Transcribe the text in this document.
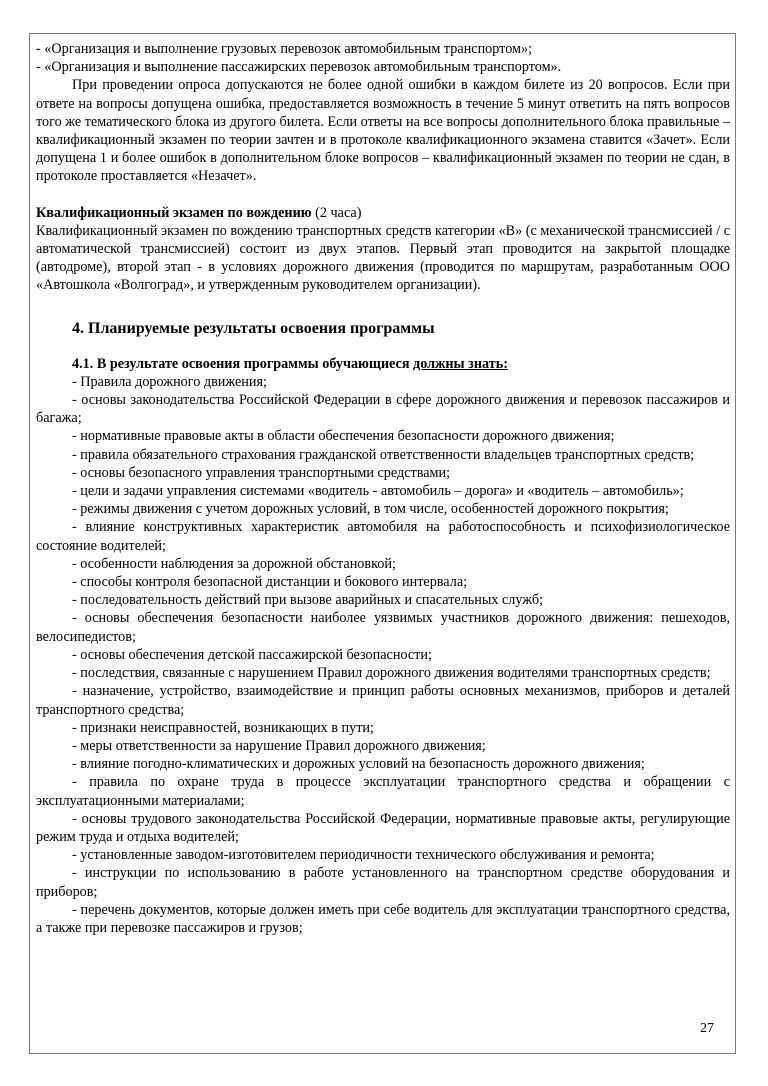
- «Организация и выполнение грузовых перевозок автомобильным транспортом»;

- «Организация и выполнение пассажирских перевозок автомобильным транспортом».

При проведении опроса допускаются не более одной ошибки в каждом билете из 20 вопросов. Если при ответе на вопросы допущена ошибка, предоставляется возможность в течение 5 минут ответить на пять вопросов того же тематического блока из другого билета. Если ответы на все вопросы дополнительного блока правильные – квалификационный экзамен по теории зачтен и в протоколе квалификационного экзамена ставится «Зачет». Если допущена 1 и более ошибок в дополнительном блоке вопросов – квалификационный экзамен по теории не сдан, в протоколе проставляется «Незачет».

Квалификационный экзамен по вождению (2 часа)

Квалификационный экзамен по вождению транспортных средств категории «В» (с механической трансмиссией / с автоматической трансмиссией) состоит из двух этапов. Первый этап проводится на закрытой площадке (автодроме), второй этап - в условиях дорожного движения (проводится по маршрутам, разработанным ООО «Автошкола «Волгоград», и утвержденным руководителем организации).

4. Планируемые результаты освоения программы

4.1. В результате освоения программы обучающиеся должны знать:

- Правила дорожного движения;

- основы законодательства Российской Федерации в сфере дорожного движения и перевозок пассажиров и багажа;

- нормативные правовые акты в области обеспечения безопасности дорожного движения;

- правила обязательного страхования гражданской ответственности владельцев транспортных средств;

- основы безопасного управления транспортными средствами;

- цели и задачи управления системами «водитель - автомобиль – дорога» и «водитель – автомобиль»;

- режимы движения с учетом дорожных условий, в том числе, особенностей дорожного покрытия;

- влияние конструктивных характеристик автомобиля на работоспособность и психофизиологическое состояние водителей;

- особенности наблюдения за дорожной обстановкой;

- способы контроля безопасной дистанции и бокового интервала;

- последовательность действий при вызове аварийных и спасательных служб;

- основы обеспечения безопасности наиболее уязвимых участников дорожного движения: пешеходов, велосипедистов;

- основы обеспечения детской пассажирской безопасности;

- последствия, связанные с нарушением Правил дорожного движения водителями транспортных средств;

- назначение, устройство, взаимодействие и принцип работы основных механизмов, приборов и деталей транспортного средства;

- признаки неисправностей, возникающих в пути;

- меры ответственности за нарушение Правил дорожного движения;

- влияние погодно-климатических и дорожных условий на безопасность дорожного движения;

- правила по охране труда в процессе эксплуатации транспортного средства и обращении с эксплуатационными материалами;

- основы трудового законодательства Российской Федерации, нормативные правовые акты, регулирующие режим труда и отдыха водителей;

- установленные заводом-изготовителем периодичности технического обслуживания и ремонта;

- инструкции по использованию в работе установленного на транспортном средстве оборудования и приборов;

- перечень документов, которые должен иметь при себе водитель для эксплуатации транспортного средства, а также при перевозке пассажиров и грузов;

27
